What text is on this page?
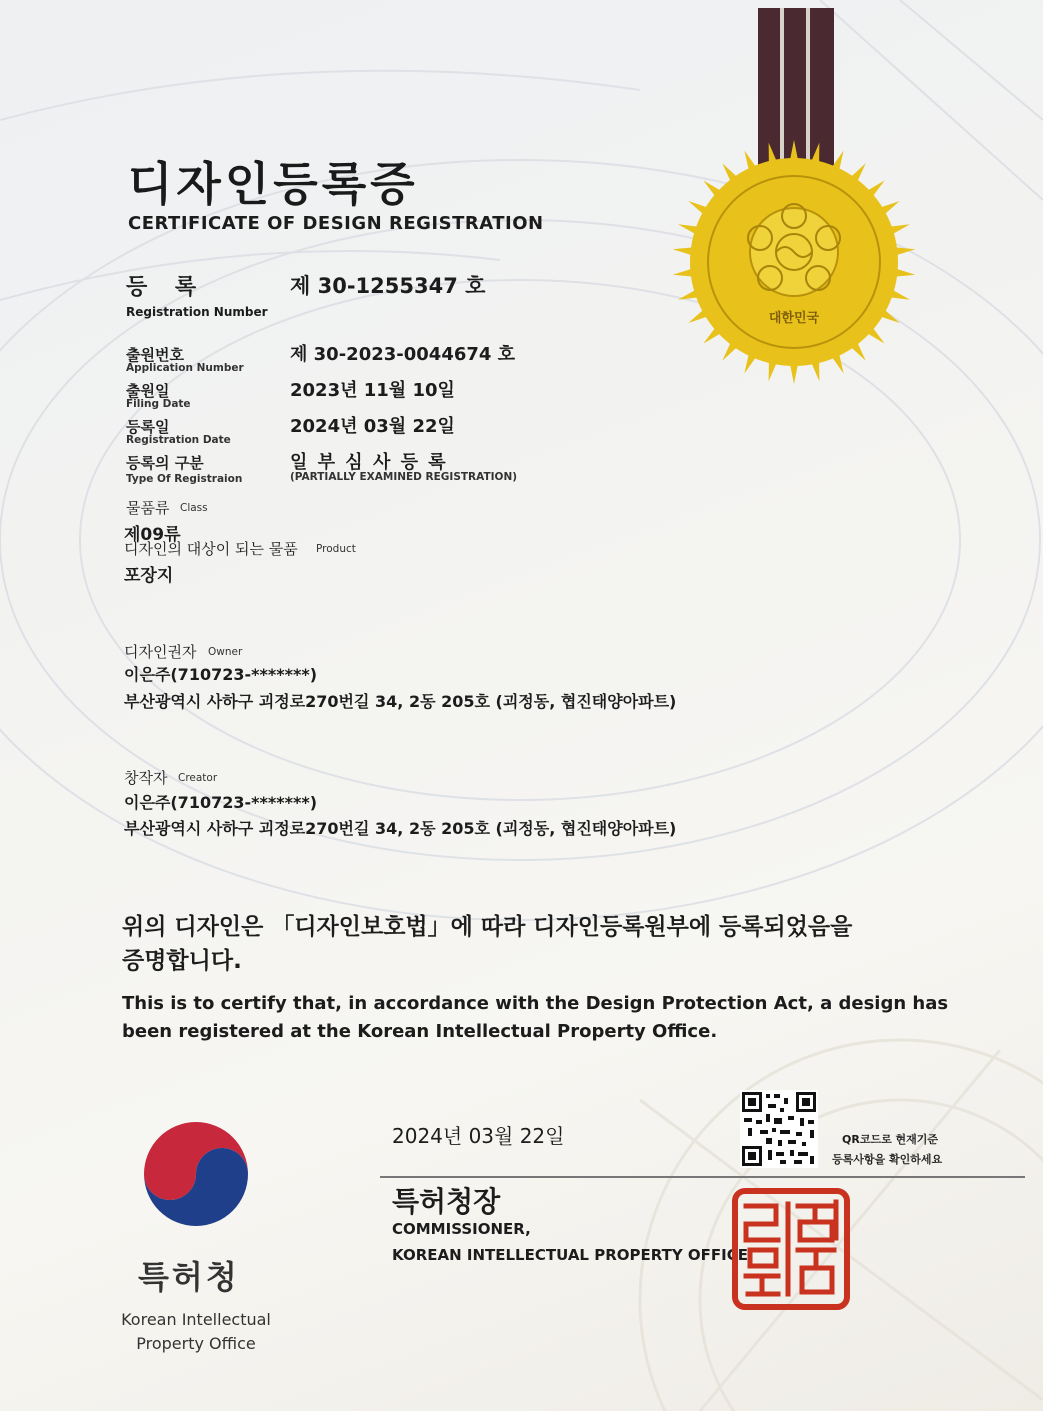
대한민국
디자인등록증
CERTIFICATE OF DESIGN REGISTRATION
등 록
Registration Number
제 30-1255347 호
출원번호
Application Number
제 30-2023-0044674 호
출원일
Filing Date
2023년 11월 10일
등록일
Registration Date
2024년 03월 22일
등록의 구분
Type Of Registraion
일 부 심 사 등 록
(PARTIALLY EXAMINED REGISTRATION)
물품류 Class
제09류
디자인의 대상이 되는 물품 Product
포장지
디자인권자 Owner
이은주(710723-*******)
부산광역시 사하구 괴정로270번길 34, 2동 205호 (괴정동, 협진태양아파트)
창작자 Creator
이은주(710723-*******)
부산광역시 사하구 괴정로270번길 34, 2동 205호 (괴정동, 협진태양아파트)
위의 디자인은 「디자인보호법」에 따라 디자인등록원부에 등록되었음을
증명합니다.
This is to certify that, in accordance with the Design Protection Act, a design has
been registered at the Korean Intellectual Property Office.
2024년 03월 22일	QR코드로 현재기준
등록사항을 확인하세요
특허청장
COMMISSIONER,
KOREAN INTELLECTUAL PROPERTY OFFICE
특허청
Korean Intellectual
Property Office
